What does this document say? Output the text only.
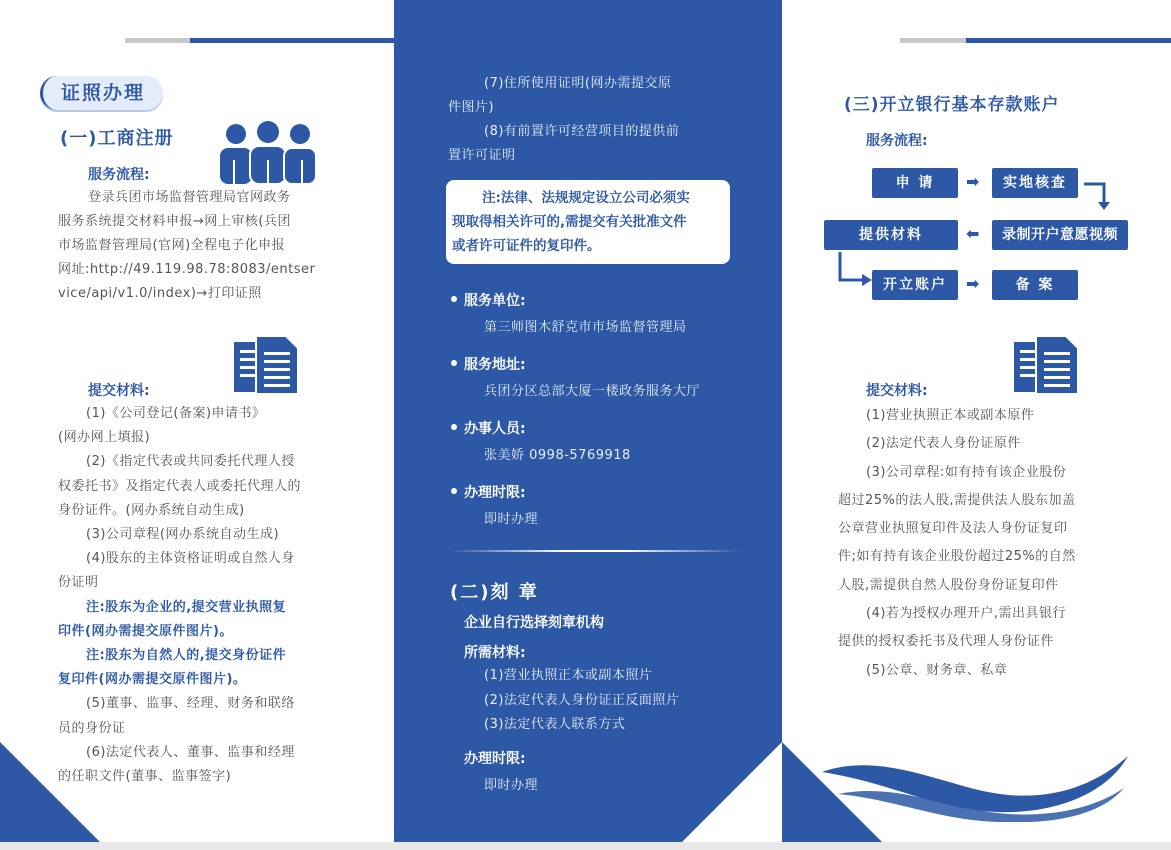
证照办理
(一)工商注册
服务流程:
登录兵团市场监督管理局官网政务
服务系统提交材料申报→网上审核(兵团
市场监督管理局(官网)全程电子化申报
网址:http://49.119.98.78:8083/entser
vice/api/v1.0/index)→打印证照
提交材料:
(1)《公司登记(备案)申请书》
(网办网上填报)
(2)《指定代表或共同委托代理人授
权委托书》及指定代表人或委托代理人的
身份证件。(网办系统自动生成)
(3)公司章程(网办系统自动生成)
(4)股东的主体资格证明或自然人身
份证明
注:股东为企业的,提交营业执照复
印件(网办需提交原件图片)。
注:股东为自然人的,提交身份证件
复印件(网办需提交原件图片)。
(5)董事、监事、经理、财务和联络
员的身份证
(6)法定代表人、董事、监事和经理
的任职文件(董事、监事签字)
(7)住所使用证明(网办需提交原
件图片)
(8)有前置许可经营项目的提供前
置许可证明
注:法律、法规规定设立公司必须实
现取得相关许可的,需提交有关批准文件
或者许可证件的复印件。
服务单位:
第三师图木舒克市市场监督管理局
服务地址:
兵团分区总部大厦一楼政务服务大厅
办事人员:
张美娇 0998-5769918
办理时限:
即时办理
(二)刻 章
企业自行选择刻章机构
所需材料:
(1)营业执照正本或副本照片
(2)法定代表人身份证正反面照片
(3)法定代表人联系方式
办理时限:
即时办理
(三)开立银行基本存款账户
服务流程:
申 请	➡	实地核查
提供材料	⬅	录制开户意愿视频
开立账户	➡	备 案
提交材料:
(1)营业执照正本或副本原件
(2)法定代表人身份证原件
(3)公司章程:如有持有该企业股份
超过25%的法人股,需提供法人股东加盖
公章营业执照复印件及法人身份证复印
件;如有持有该企业股份超过25%的自然
人股,需提供自然人股份身份证复印件
(4)若为授权办理开户,需出具银行
提供的授权委托书及代理人身份证件
(5)公章、财务章、私章
